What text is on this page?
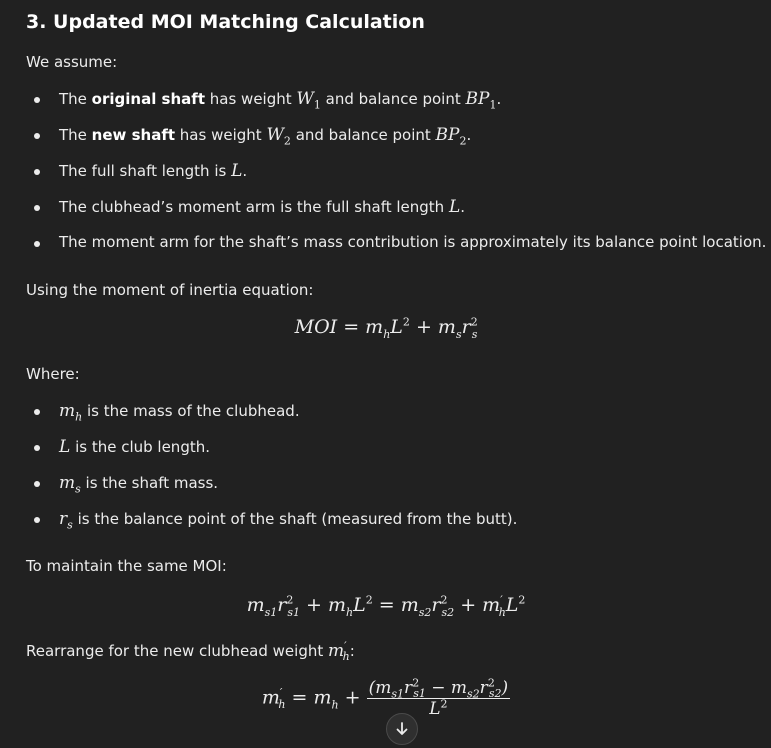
3. Updated MOI Matching Calculation

We assume:

The original shaft has weight $W_1$ and balance point $BP_1$.
The new shaft has weight $W_2$ and balance point $BP_2$.
The full shaft length is L.
The clubhead’s moment arm is the full shaft length L.
The moment arm for the shaft’s mass contribution is approximately its balance point location.

Using the moment of inertia equation:

MOI = $m_hL^2 + m_sr^2_s$

Where:

$m_h$ is the mass of the clubhead.
L is the club length.
$m_s$ is the shaft mass.
$r_s$ is the balance point of the shaft (measured from the butt).

To maintain the same MOI:

$m_{s1}r^2_{s1} + m_hL^2 = m_{s2}r^2_{s2} + m'_hL^2$

Rearrange for the new clubhead weight $m'_h$:

$m'_h = m_h + \frac{(m_{s1}r^2_{s1} - m_{s2}r^2_{s2})}{L^2}$
